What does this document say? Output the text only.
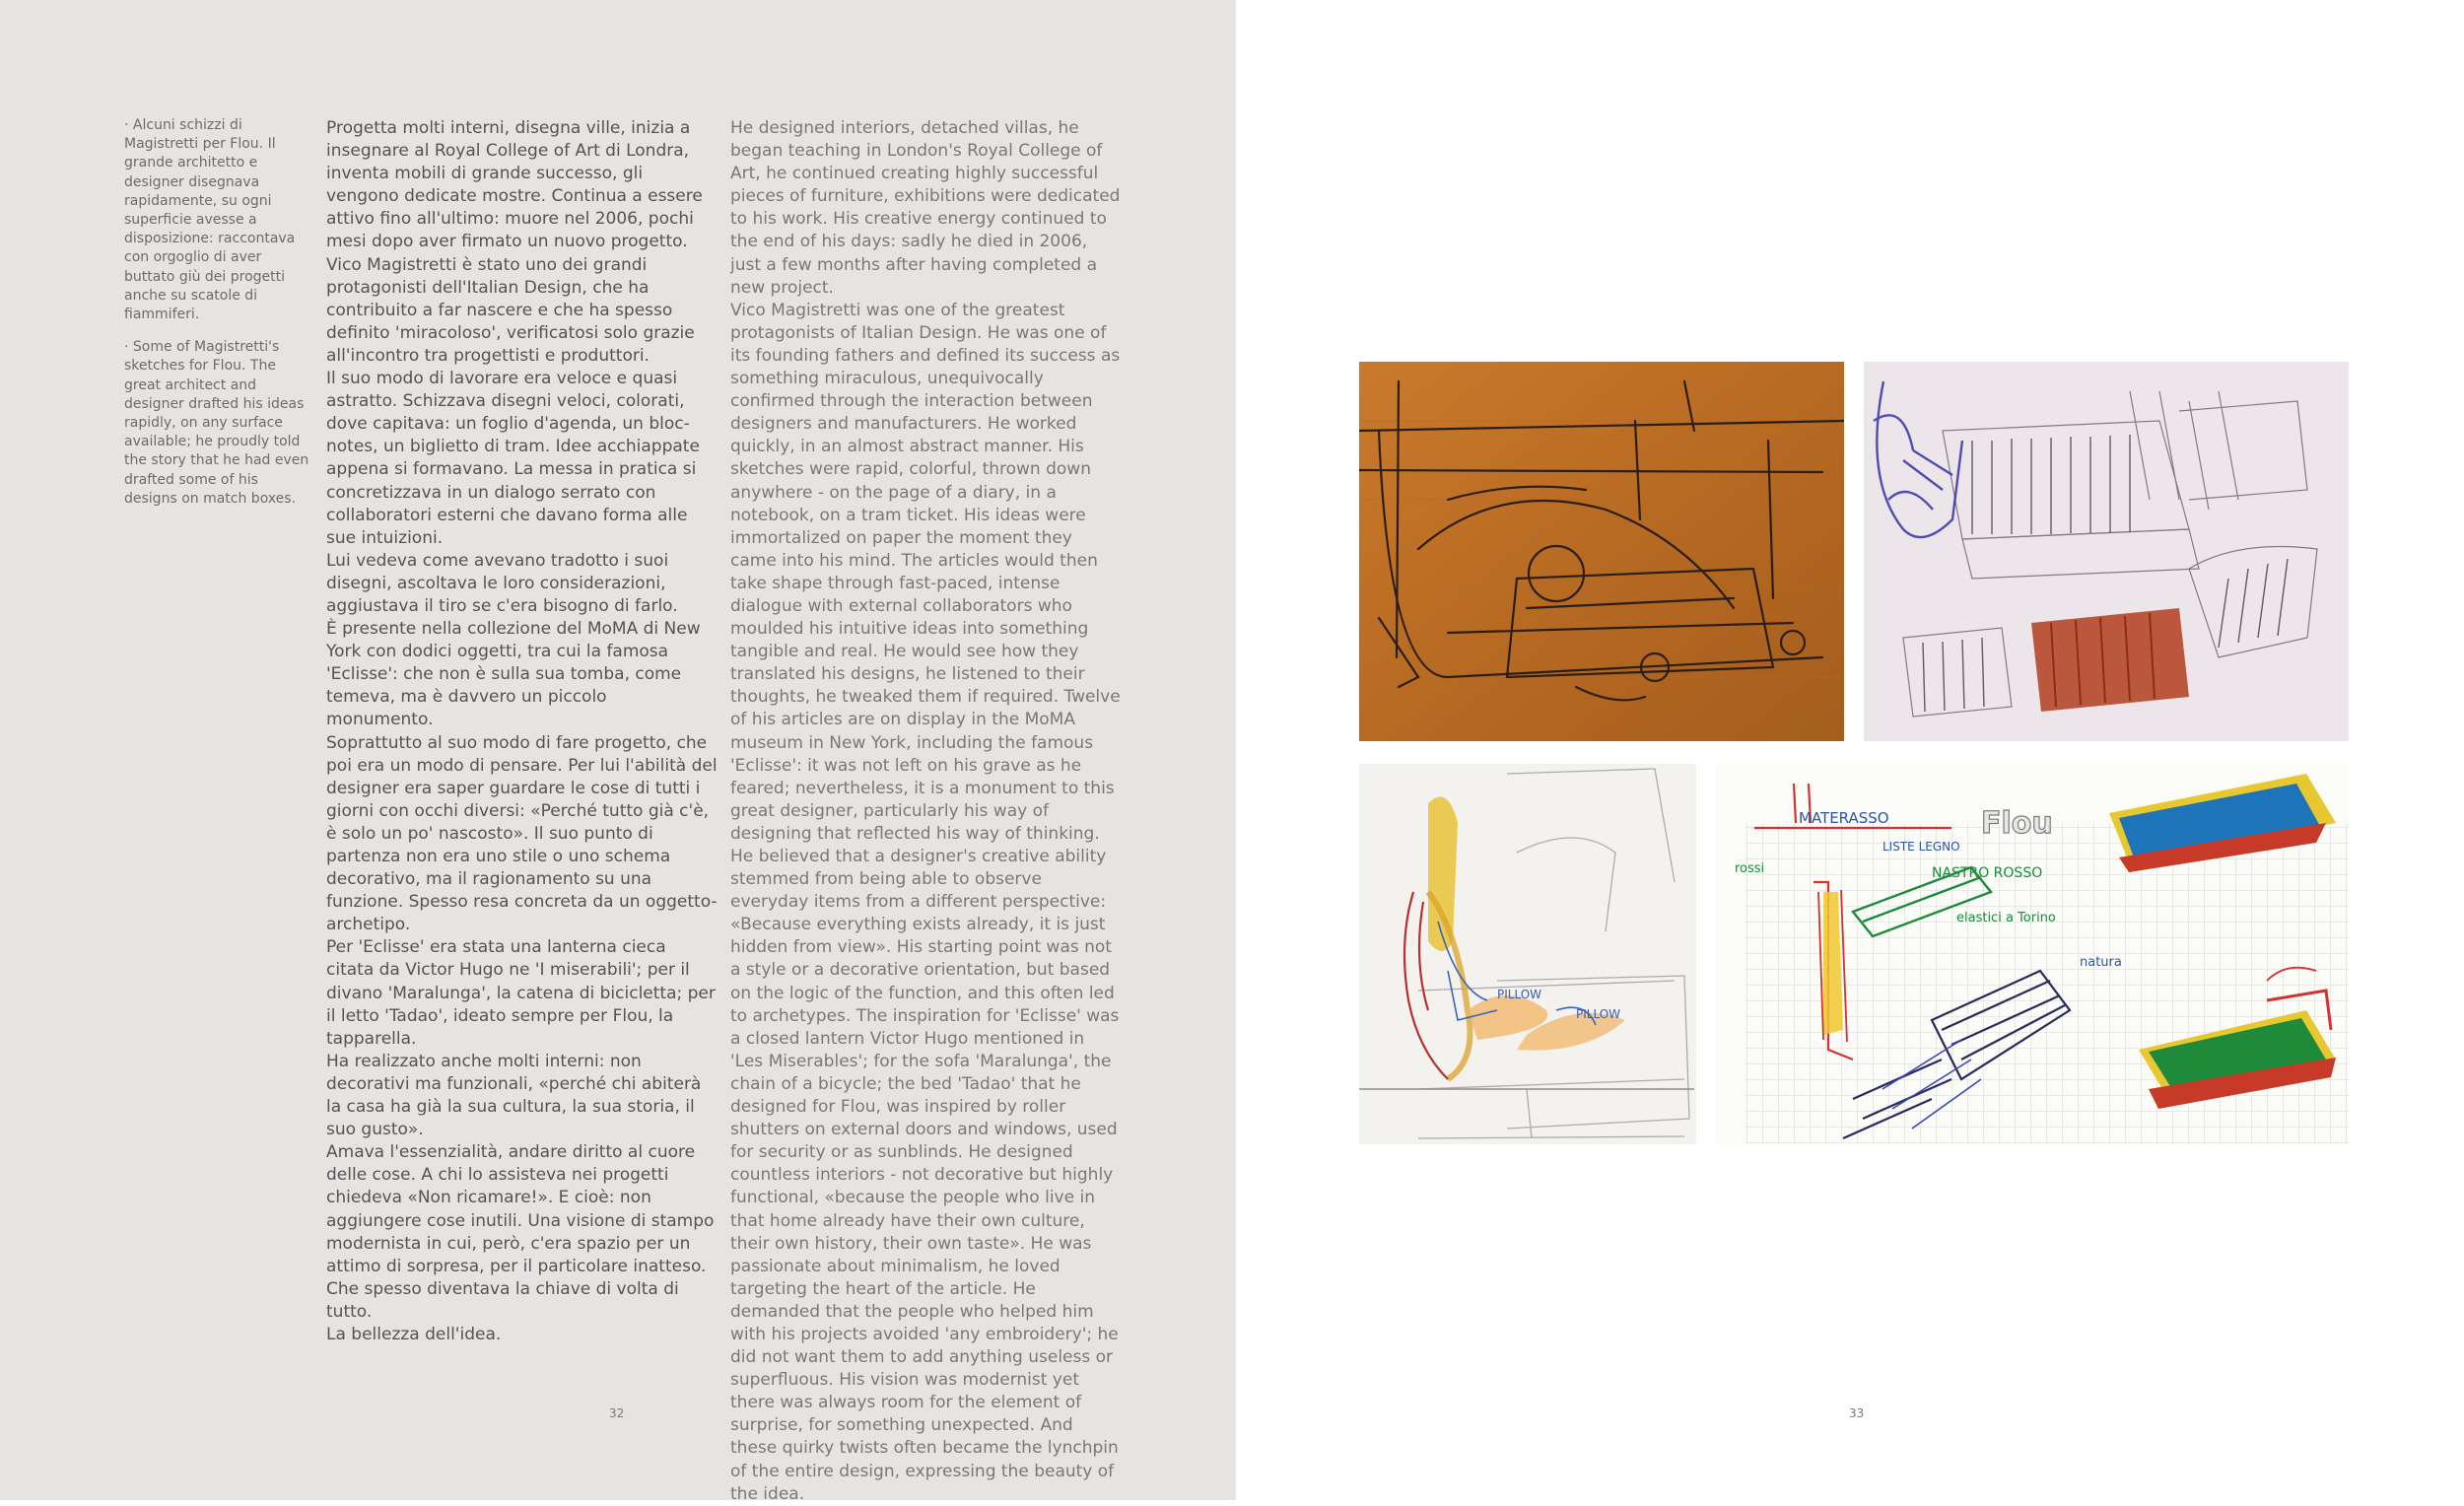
· Alcuni schizzi di Magistretti per Flou. Il grande architetto e designer disegnava rapidamente, su ogni superficie avesse a disposizione: raccontava con orgoglio di aver buttato giù dei progetti anche su scatole di fiammiferi.

· Some of Magistretti's sketches for Flou. The great architect and designer drafted his ideas rapidly, on any surface available; he proudly told the story that he had even drafted some of his designs on match boxes.

Progetta molti interni, disegna ville, inizia a insegnare al Royal College of Art di Londra, inventa mobili di grande successo, gli vengono dedicate mostre. Continua a essere attivo fino all'ultimo: muore nel 2006, pochi mesi dopo aver firmato un nuovo progetto.

Vico Magistretti è stato uno dei grandi protagonisti dell'Italian Design, che ha contribuito a far nascere e che ha spesso definito 'miracoloso', verificatosi solo grazie all'incontro tra progettisti e produttori.

Il suo modo di lavorare era veloce e quasi astratto. Schizzava disegni veloci, colorati, dove capitava: un foglio d'agenda, un bloc-notes, un biglietto di tram. Idee acchiappate appena si formavano. La messa in pratica si concretizzava in un dialogo serrato con collaboratori esterni che davano forma alle sue intuizioni.

Lui vedeva come avevano tradotto i suoi disegni, ascoltava le loro considerazioni, aggiustava il tiro se c'era bisogno di farlo.

È presente nella collezione del MoMA di New York con dodici oggetti, tra cui la famosa 'Eclisse': che non è sulla sua tomba, come temeva, ma è davvero un piccolo monumento.

Soprattutto al suo modo di fare progetto, che poi era un modo di pensare. Per lui l'abilità del designer era saper guardare le cose di tutti i giorni con occhi diversi: «Perché tutto già c'è, è solo un po' nascosto». Il suo punto di partenza non era uno stile o uno schema decorativo, ma il ragionamento su una funzione. Spesso resa concreta da un oggetto-archetipo.

Per 'Eclisse' era stata una lanterna cieca citata da Victor Hugo ne 'I miserabili'; per il divano 'Maralunga', la catena di bicicletta; per il letto 'Tadao', ideato sempre per Flou, la tapparella.

Ha realizzato anche molti interni: non decorativi ma funzionali, «perché chi abiterà la casa ha già la sua cultura, la sua storia, il suo gusto».

Amava l'essenzialità, andare diritto al cuore delle cose. A chi lo assisteva nei progetti chiedeva «Non ricamare!». E cioè: non aggiungere cose inutili. Una visione di stampo modernista in cui, però, c'era spazio per un attimo di sorpresa, per il particolare inatteso. Che spesso diventava la chiave di volta di tutto.

La bellezza dell'idea.

He designed interiors, detached villas, he began teaching in London's Royal College of Art, he continued creating highly successful pieces of furniture, exhibitions were dedicated to his work. His creative energy continued to the end of his days: sadly he died in 2006, just a few months after having completed a new project.

Vico Magistretti was one of the greatest protagonists of Italian Design. He was one of its founding fathers and defined its success as something miraculous, unequivocally confirmed through the interaction between designers and manufacturers. He worked quickly, in an almost abstract manner. His sketches were rapid, colorful, thrown down anywhere - on the page of a diary, in a notebook, on a tram ticket. His ideas were immortalized on paper the moment they came into his mind. The articles would then take shape through fast-paced, intense dialogue with external collaborators who moulded his intuitive ideas into something tangible and real. He would see how they translated his designs, he listened to their thoughts, he tweaked them if required. Twelve of his articles are on display in the MoMA museum in New York, including the famous 'Eclisse': it was not left on his grave as he feared; nevertheless, it is a monument to this great designer, particularly his way of designing that reflected his way of thinking. He believed that a designer's creative ability stemmed from being able to observe everyday items from a different perspective: «Because everything exists already, it is just hidden from view». His starting point was not a style or a decorative orientation, but based on the logic of the function, and this often led to archetypes. The inspiration for 'Eclisse' was a closed lantern Victor Hugo mentioned in 'Les Miserables'; for the sofa 'Maralunga', the chain of a bicycle; the bed 'Tadao' that he designed for Flou, was inspired by roller shutters on external doors and windows, used for security or as sunblinds. He designed countless interiors - not decorative but highly functional, «because the people who live in that home already have their own culture, their own history, their own taste». He was passionate about minimalism, he loved targeting the heart of the article. He demanded that the people who helped him with his projects avoided 'any embroidery'; he did not want them to add anything useless or superfluous. His vision was modernist yet there was always room for the element of surprise, for something unexpected. And these quirky twists often became the lynchpin of the entire design, expressing the beauty of the idea.

32	33
PILLOW
PILLOW
MATERASSO
LISTE LEGNO
NASTRO ROSSO
elastici a Torino
Flou
rossi
natura
